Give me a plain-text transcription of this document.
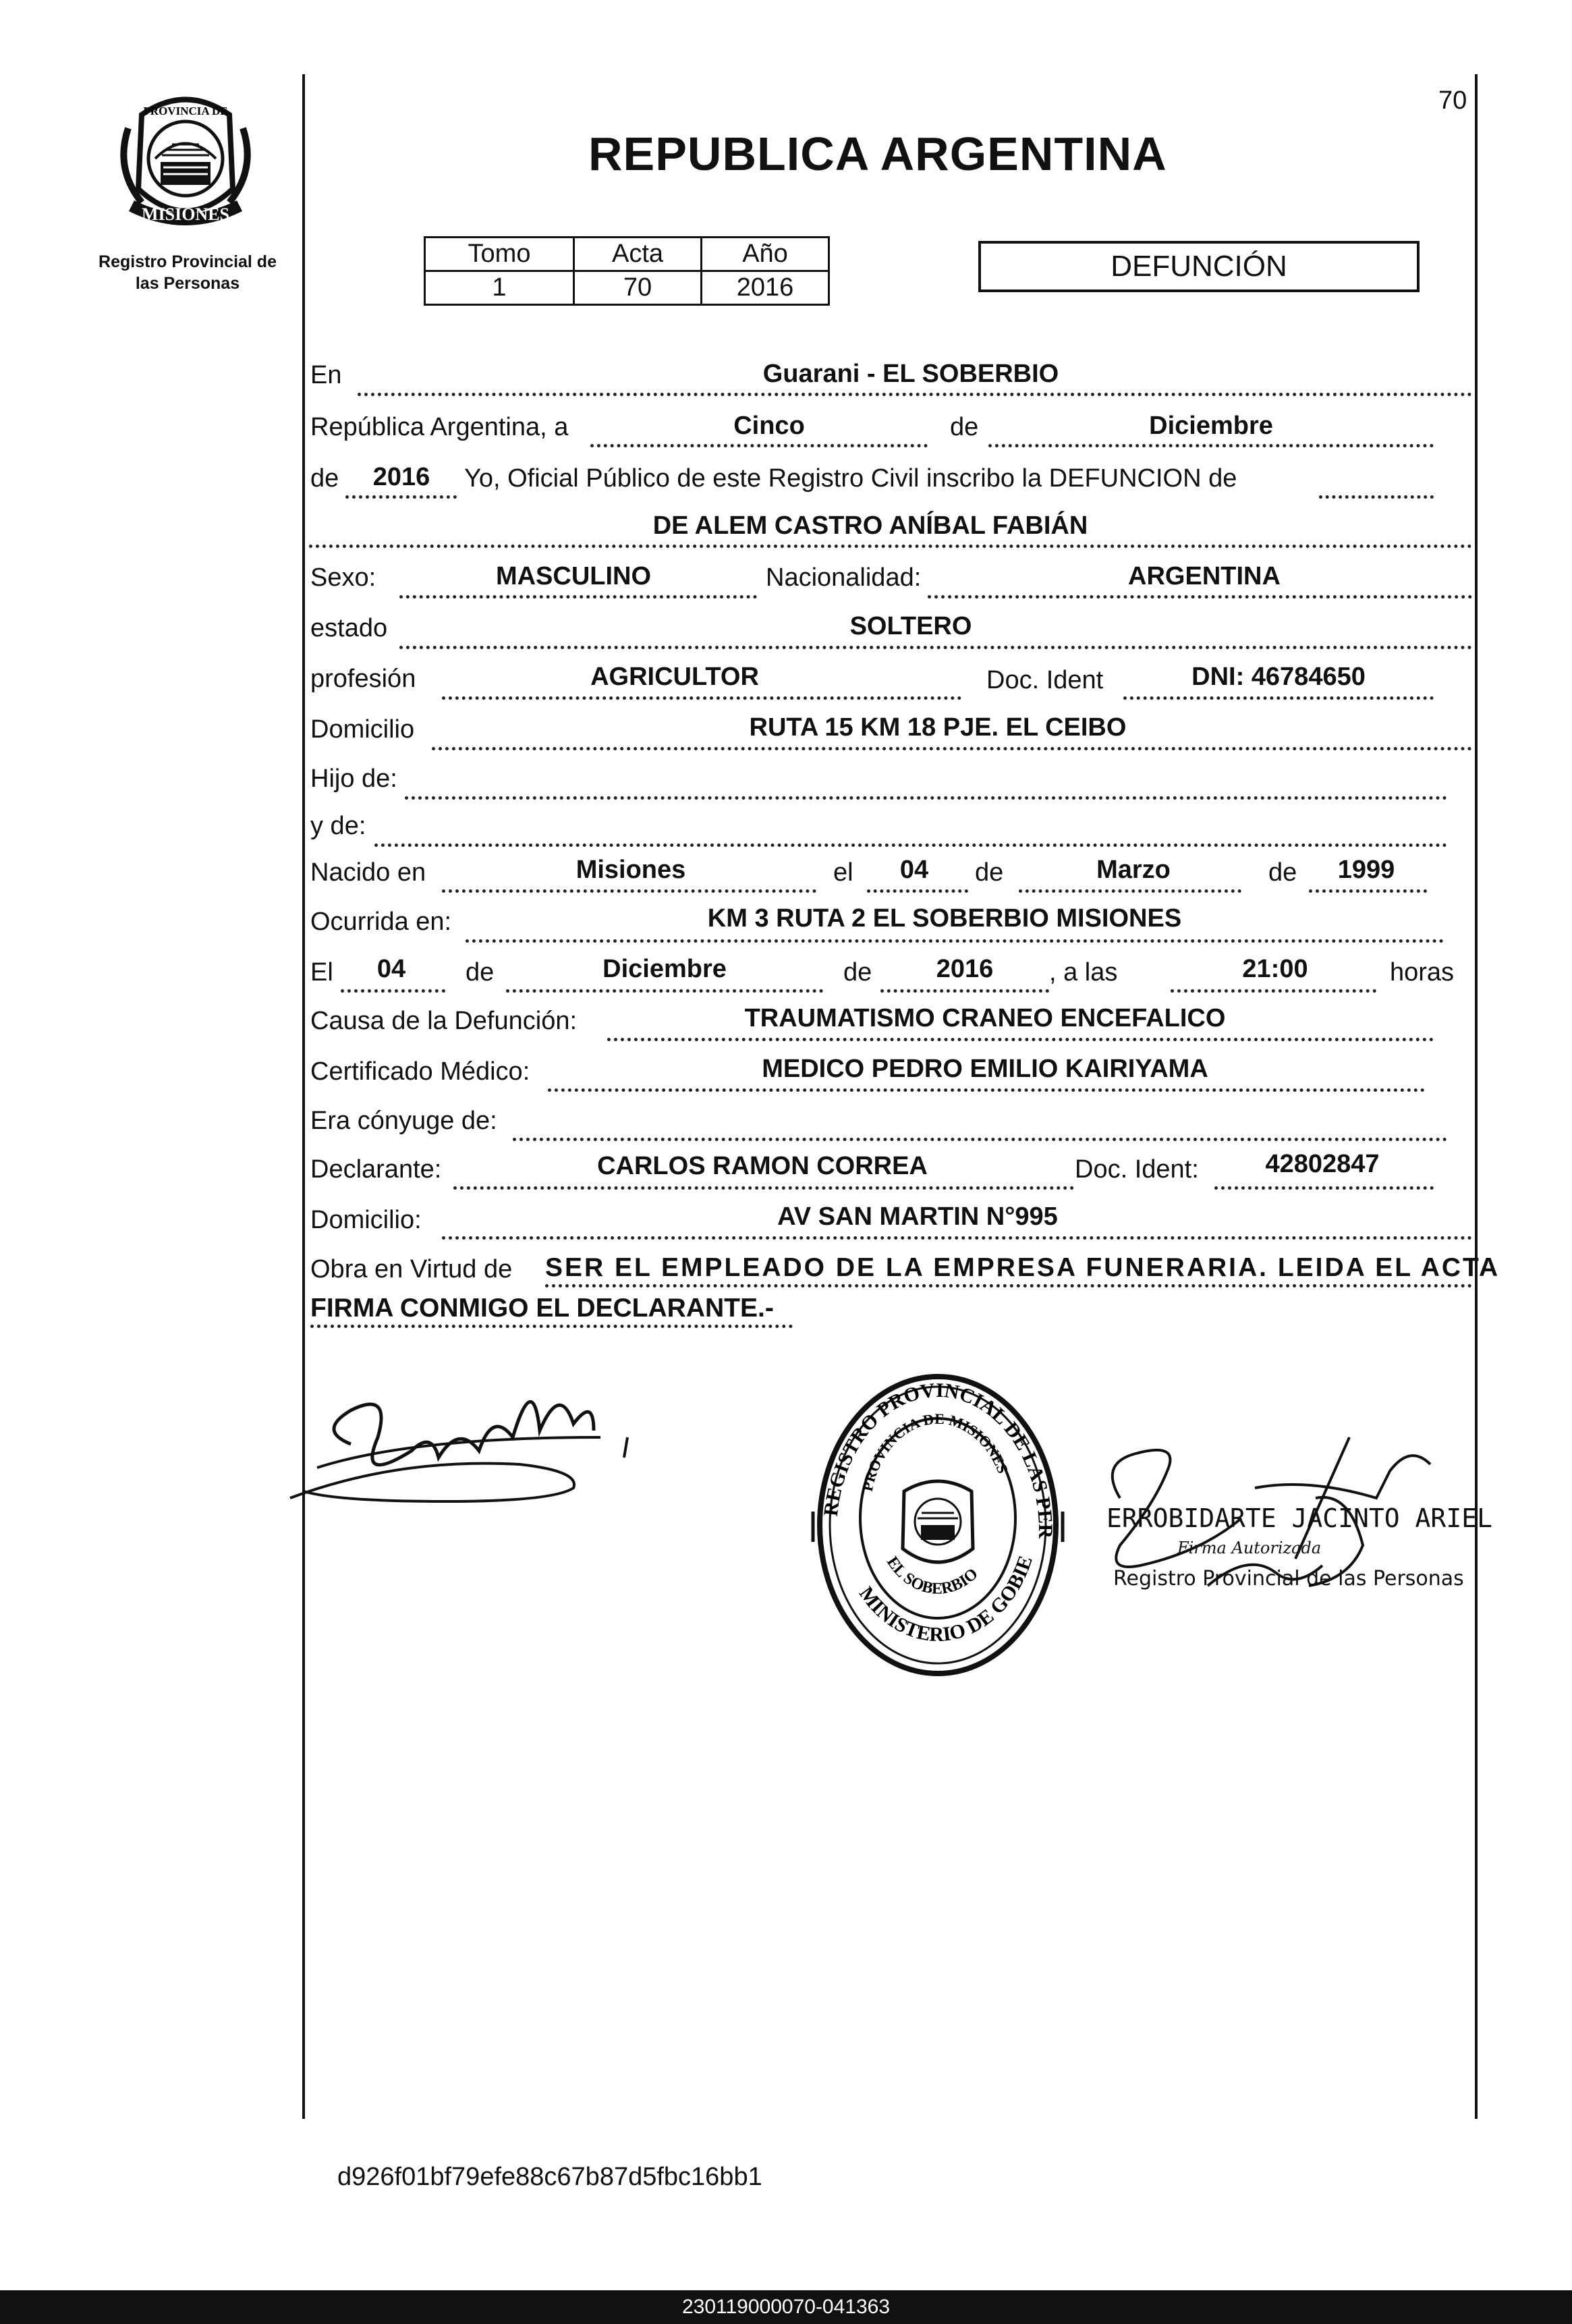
70
PROVINCIA DE
MISIONES
Registro Provincial de las Personas
REPUBLICA ARGENTINA
Tomo	Acta	Año
1	70	2016
DEFUNCIÓN
En	Guarani - EL SOBERBIO
República Argentina, a	Cinco	de	Diciembre
de	2016	Yo, Oficial Público de este Registro Civil inscribo la DEFUNCION de
DE ALEM CASTRO ANÍBAL FABIÁN
Sexo:	MASCULINO	Nacionalidad:	ARGENTINA
estado	SOLTERO
profesión	AGRICULTOR	Doc. Ident	DNI: 46784650
Domicilio	RUTA 15 KM 18 PJE. EL CEIBO
Hijo de:
y de:
Nacido en	Misiones	el	04	de	Marzo	de	1999
Ocurrida en:	KM 3 RUTA 2 EL SOBERBIO MISIONES
El	04	de	Diciembre	de	2016	, a las	21:00	horas
Causa de la Defunción:	TRAUMATISMO CRANEO ENCEFALICO
Certificado Médico:	MEDICO PEDRO EMILIO KAIRIYAMA
Era cónyuge de:
Declarante:	CARLOS RAMON CORREA	Doc. Ident:	42802847
Domicilio:	AV SAN MARTIN N°995
Obra en Virtud de SER EL EMPLEADO DE LA EMPRESA FUNERARIA. LEIDA EL ACTA
FIRMA CONMIGO EL DECLARANTE.-
REGISTRO PROVINCIAL DE LAS PER
PROVINCIA DE MISIONES
MINISTERIO DE GOBIE
EL SOBERBIO
ERROBIDARTE JACINTO ARIEL
Firma Autorizada
Registro Provincial de las Personas
d926f01bf79efe88c67b87d5fbc16bb1
230119000070-041363
